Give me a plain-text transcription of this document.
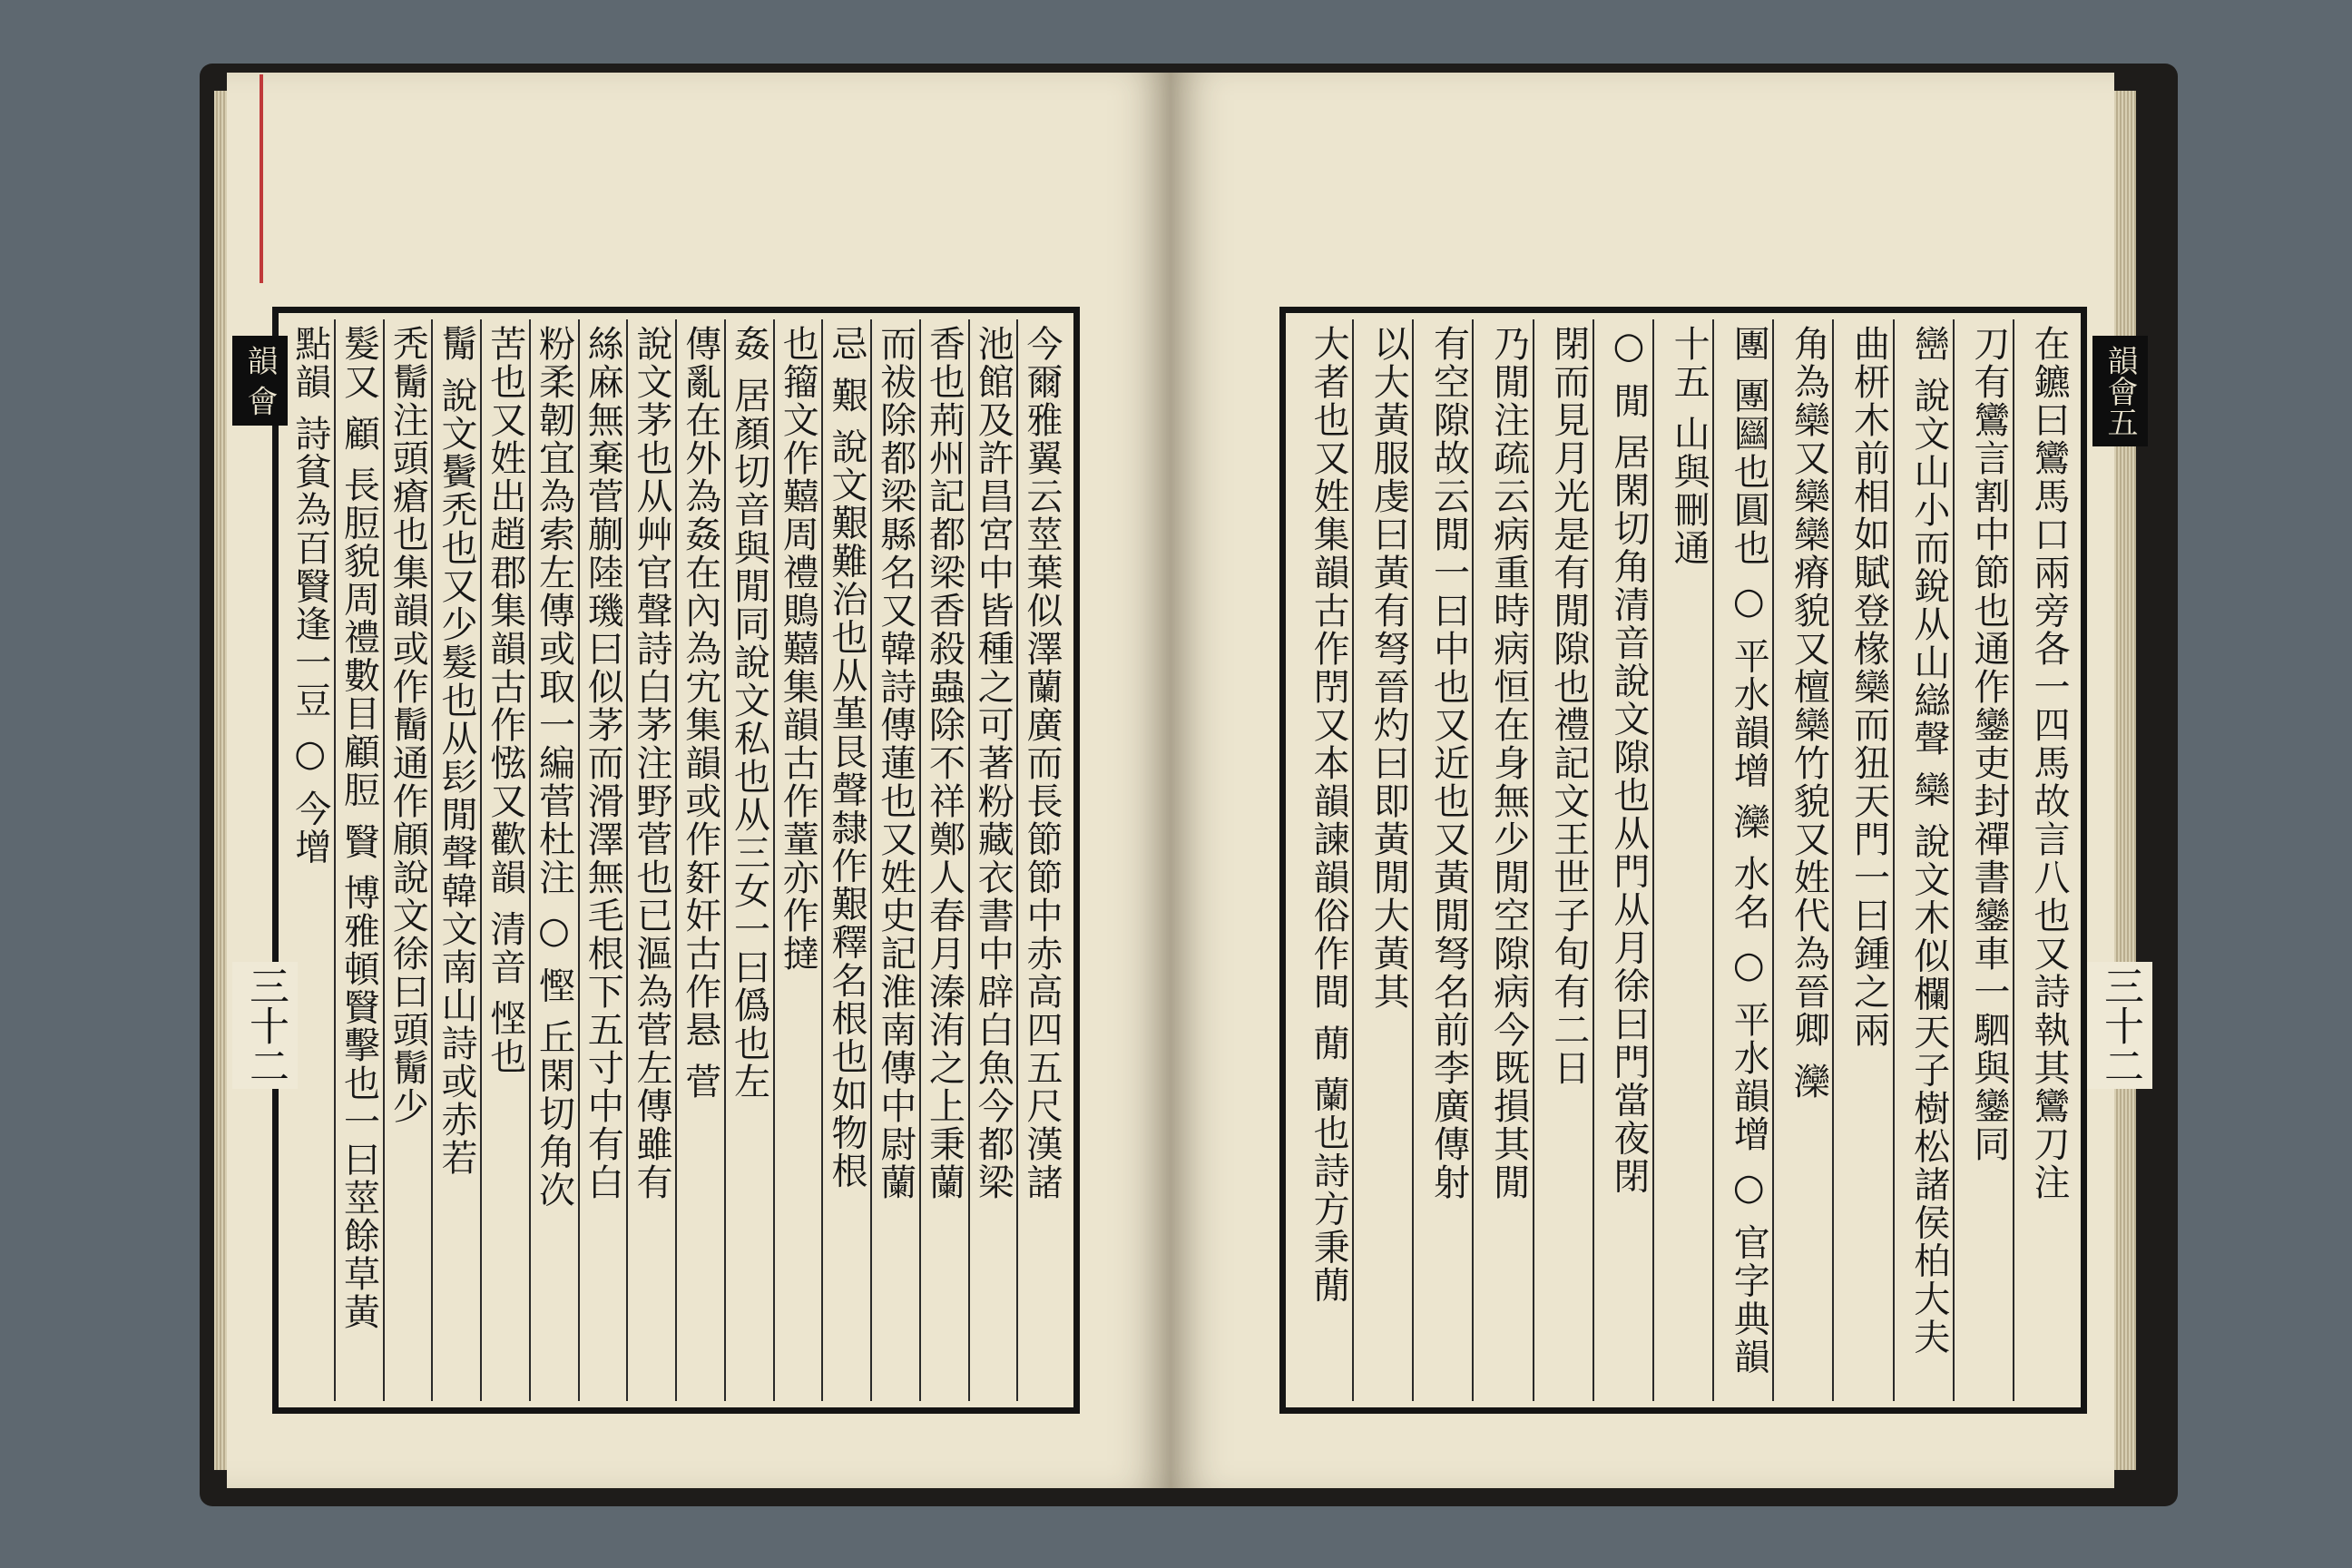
今爾雅翼云莖葉似澤蘭廣而長節節中赤高四五尺漢諸
池館及許昌宮中皆種之可著粉藏衣書中辟白魚今都梁
香也荊州記都梁香殺蟲除不祥鄭人春月溱洧之上秉蘭
而祓除都梁縣名又韓詩傳蓮也又姓史記淮南傳中尉蘭
忌 艱 說文艱難治也从堇艮聲隸作艱釋名根也如物根
也籀文作囏周禮鵙囏集韻古作蕫亦作撻
姦 居顏切音與閒同說文私也从三女一曰僞也左
傳亂在外為姦在內為宄集韻或作姧奸古作悬 菅
說文茅也从艸官聲詩白茅注野菅也已漚為菅左傳雖有
絲麻無棄菅蒯陸璣曰似茅而滑澤無毛根下五寸中有白
粉柔韌宜為索左傳或取一編菅杜注 ○ 慳 丘閑切角次
苦也又姓出趙郡集韻古作惤又歡韻 清音 悭也
鬜 說文鬢禿也又少髮也从髟閒聲韓文南山詩或赤若
秃鬜注頭瘡也集韻或作鬝通作顅說文徐曰頭鬜少
髮又 顧 長脰貌周禮數目顧脰 贀 博雅頓贀擊也一曰莖餘草黃
點韻 詩貧為百贀逢一豆 ○ 今增	在鑣曰鸞馬口兩旁各一四馬故言八也又詩執其鸞刀注
刀有鸞言割中節也通作鑾吏封禪書鑾車一駟與鑾同
巒 說文山小而銳从山䜌聲 欒 說文木似欄天子樹松諸侯柏大夫
曲枅木前相如賦登椽欒而狃天門一曰鍾之兩
角為欒又欒欒瘠貌又檀欒竹貌又姓代為晉卿 灤
團 團圝也圓也 ○ 平水韻增 灤 水名 ○ 平水韻增 ○ 官字典韻
十五 山與刪通
○ 閒 居閑切角清音說文隙也从門从月徐曰門當夜閉
閉而見月光是有閒隙也禮記文王世子旬有二日
乃閒注疏云病重時病恒在身無少閒空隙病今既損其閒
有空隙故云閒一曰中也又近也又黃閒弩名前李廣傳射
以大黃服虔曰黃有弩晉灼曰即黃閒大黃其
大者也又姓集韻古作閅又本韻諫韻俗作間 蕑 蘭也詩方秉蕑
韻 會	韻會五
三十二
三十二
